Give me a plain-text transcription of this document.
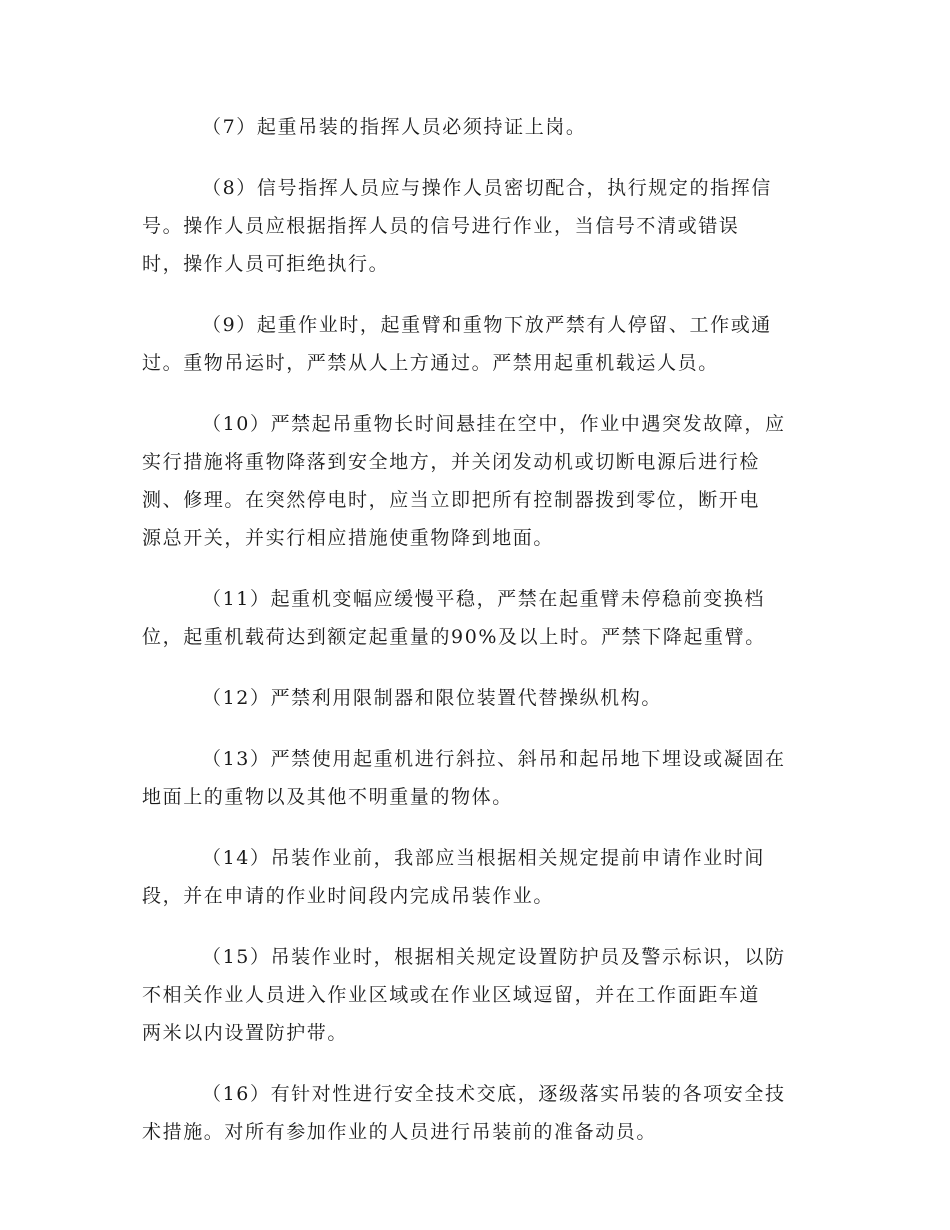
（7）起重吊装的指挥人员必须持证上岗。
（8）信号指挥人员应与操作人员密切配合，执行规定的指挥信
号。操作人员应根据指挥人员的信号进行作业，当信号不清或错误
时，操作人员可拒绝执行。
（9）起重作业时，起重臂和重物下放严禁有人停留、工作或通
过。重物吊运时，严禁从人上方通过。严禁用起重机载运人员。
（10）严禁起吊重物长时间悬挂在空中，作业中遇突发故障，应
实行措施将重物降落到安全地方，并关闭发动机或切断电源后进行检
测、修理。在突然停电时，应当立即把所有控制器拨到零位，断开电
源总开关，并实行相应措施使重物降到地面。
（11）起重机变幅应缓慢平稳，严禁在起重臂未停稳前变换档
位，起重机载荷达到额定起重量的90%及以上时。严禁下降起重臂。
（12）严禁利用限制器和限位装置代替操纵机构。
（13）严禁使用起重机进行斜拉、斜吊和起吊地下埋设或凝固在
地面上的重物以及其他不明重量的物体。
（14）吊装作业前，我部应当根据相关规定提前申请作业时间
段，并在申请的作业时间段内完成吊装作业。
（15）吊装作业时，根据相关规定设置防护员及警示标识，以防
不相关作业人员进入作业区域或在作业区域逗留，并在工作面距车道
两米以内设置防护带。
（16）有针对性进行安全技术交底，逐级落实吊装的各项安全技
术措施。对所有参加作业的人员进行吊装前的准备动员。
